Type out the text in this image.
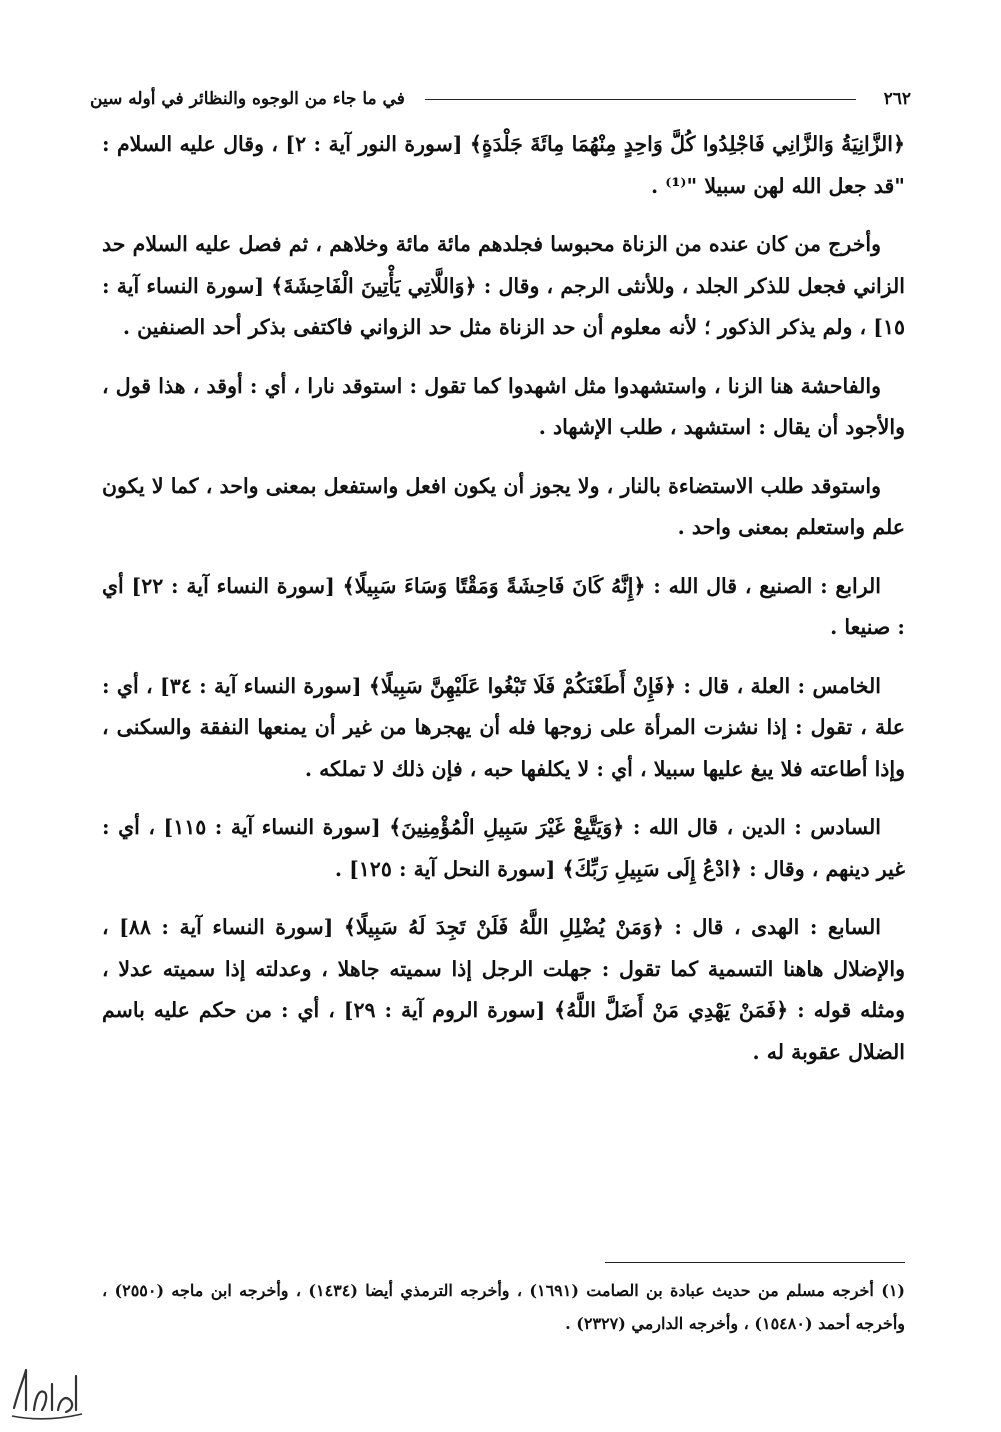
٢٦٢
في ما جاء من الوجوه والنظائر في أوله سين

﴿الزَّانِيَةُ وَالزَّانِي فَاجْلِدُوا كُلَّ وَاحِدٍ مِنْهُمَا مِائَةَ جَلْدَةٍ﴾ [سورة النور آية : ٢] ، وقال عليه السلام : "قد جعل الله لهن سبيلا "⁽¹⁾ .

وأخرج من كان عنده من الزناة محبوسا فجلدهم مائة مائة وخلاهم ، ثم فصل عليه السلام حد الزاني فجعل للذكر الجلد ، وللأنثى الرجم ، وقال : ﴿وَاللَّاتِي يَأْتِينَ الْفَاحِشَةَ﴾ [سورة النساء آية : ١٥] ، ولم يذكر الذكور ؛ لأنه معلوم أن حد الزناة مثل حد الزواني فاكتفى بذكر أحد الصنفين .

والفاحشة هنا الزنا ، واستشهدوا مثل اشهدوا كما تقول : استوقد نارا ، أي : أوقد ، هذا قول ، والأجود أن يقال : استشهد ، طلب الإشهاد .

واستوقد طلب الاستضاءة بالنار ، ولا يجوز أن يكون افعل واستفعل بمعنى واحد ، كما لا يكون علم واستعلم بمعنى واحد .

الرابع : الصنيع ، قال الله : ﴿إِنَّهُ كَانَ فَاحِشَةً وَمَقْتًا وَسَاءَ سَبِيلًا﴾ [سورة النساء آية : ٢٢] أي : صنيعا .

الخامس : العلة ، قال : ﴿فَإِنْ أَطَعْنَكُمْ فَلَا تَبْغُوا عَلَيْهِنَّ سَبِيلًا﴾ [سورة النساء آية : ٣٤] ، أي : علة ، تقول : إذا نشزت المرأة على زوجها فله أن يهجرها من غير أن يمنعها النفقة والسكنى ، وإذا أطاعته فلا يبغ عليها سبيلا ، أي : لا يكلفها حبه ، فإن ذلك لا تملكه .

السادس : الدين ، قال الله : ﴿وَيَتَّبِعْ غَيْرَ سَبِيلِ الْمُؤْمِنِينَ﴾ [سورة النساء آية : ١١٥] ، أي : غير دينهم ، وقال : ﴿ادْعُ إِلَى سَبِيلِ رَبِّكَ﴾ [سورة النحل آية : ١٢٥] .

السابع : الهدى ، قال : ﴿وَمَنْ يُضْلِلِ اللَّهُ فَلَنْ تَجِدَ لَهُ سَبِيلًا﴾ [سورة النساء آية : ٨٨] ، والإضلال هاهنا التسمية كما تقول : جهلت الرجل إذا سميته جاهلا ، وعدلته إذا سميته عدلا ، ومثله قوله : ﴿فَمَنْ يَهْدِي مَنْ أَضَلَّ اللَّهُ﴾ [سورة الروم آية : ٢٩] ، أي : من حكم عليه باسم الضلال عقوبة له .

(١) أخرجه مسلم من حديث عبادة بن الصامت (١٦٩١) ، وأخرجه الترمذي أيضا (١٤٣٤) ، وأخرجه ابن ماجه (٢٥٥٠) ، وأخرجه أحمد (١٥٤٨٠) ، وأخرجه الدارمي (٢٣٢٧) .
